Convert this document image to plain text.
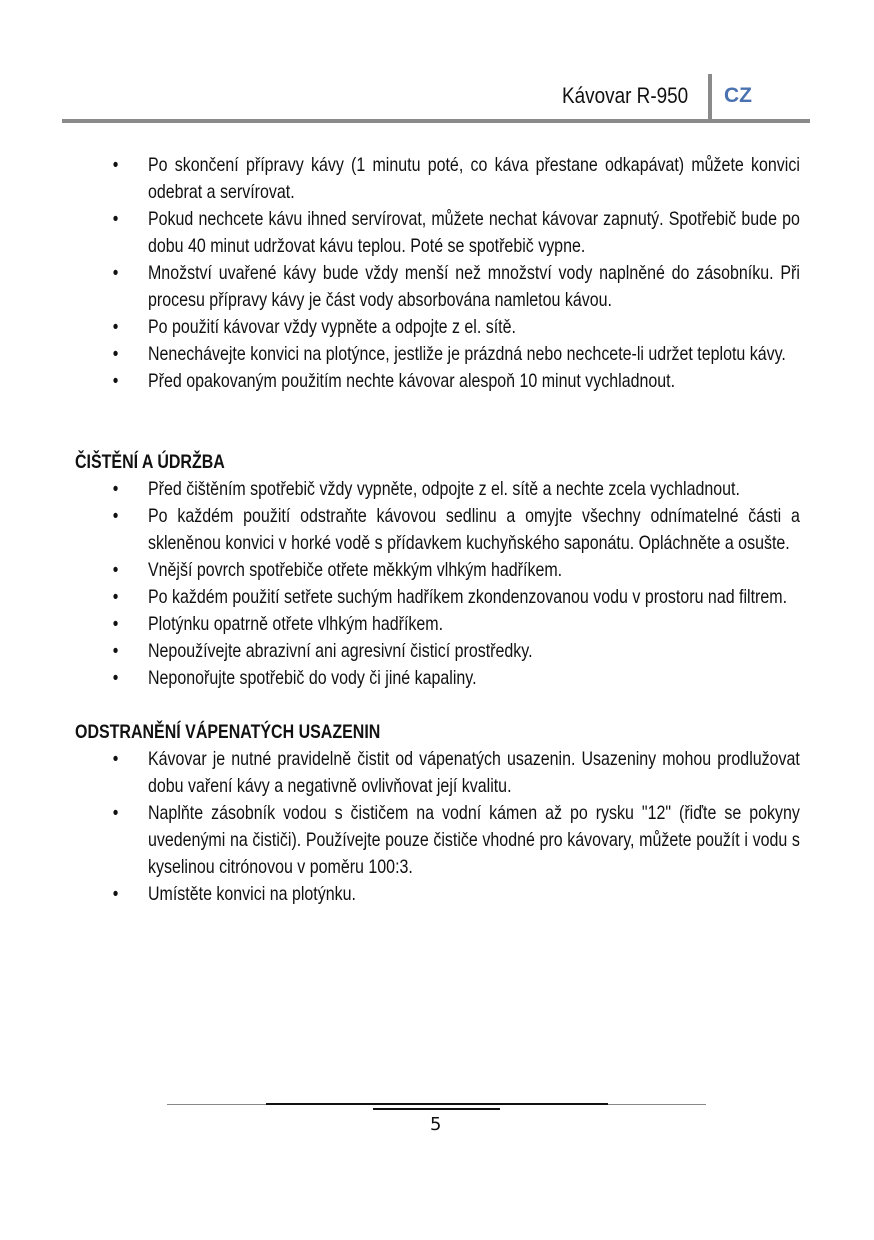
Kávovar R-950 CZ
• Po skončení přípravy kávy (1 minutu poté, co káva přestane odkapávat) můžete konvici odebrat a servírovat.
• Pokud nechcete kávu ihned servírovat, můžete nechat kávovar zapnutý. Spotřebič bude po dobu 40 minut udržovat kávu teplou. Poté se spotřebič vypne.
• Množství uvařené kávy bude vždy menší než množství vody naplněné do zásobníku. Při procesu přípravy kávy je část vody absorbována namletou kávou.
• Po použití kávovar vždy vypněte a odpojte z el. sítě.
• Nenechávejte konvici na plotýnce, jestliže je prázdná nebo nechcete-li udržet teplotu kávy.
• Před opakovaným použitím nechte kávovar alespoň 10 minut vychladnout.
ČIŠTĚNÍ A ÚDRŽBA
• Před čištěním spotřebič vždy vypněte, odpojte z el. sítě a nechte zcela vychladnout.
• Po každém použití odstraňte kávovou sedlinu a omyjte všechny odnímatelné části a skleněnou konvici v horké vodě s přídavkem kuchyňského saponátu. Opláchněte a osušte.
• Vnější povrch spotřebiče otřete měkkým vlhkým hadříkem.
• Po každém použití setřete suchým hadříkem zkondenzovanou vodu v prostoru nad filtrem.
• Plotýnku opatrně otřete vlhkým hadříkem.
• Nepoužívejte abrazivní ani agresivní čisticí prostředky.
• Neponořujte spotřebič do vody či jiné kapaliny.
ODSTRANĚNÍ VÁPENATÝCH USAZENIN
• Kávovar je nutné pravidelně čistit od vápenatých usazenin. Usazeniny mohou prodlužovat dobu vaření kávy a negativně ovlivňovat její kvalitu.
• Naplňte zásobník vodou s čističem na vodní kámen až po rysku "12" (řiďte se pokyny uvedenými na čističi). Používejte pouze čističe vhodné pro kávovary, můžete použít i vodu s kyselinou citrónovou v poměru 100:3.
• Umístěte konvici na plotýnku.
5
